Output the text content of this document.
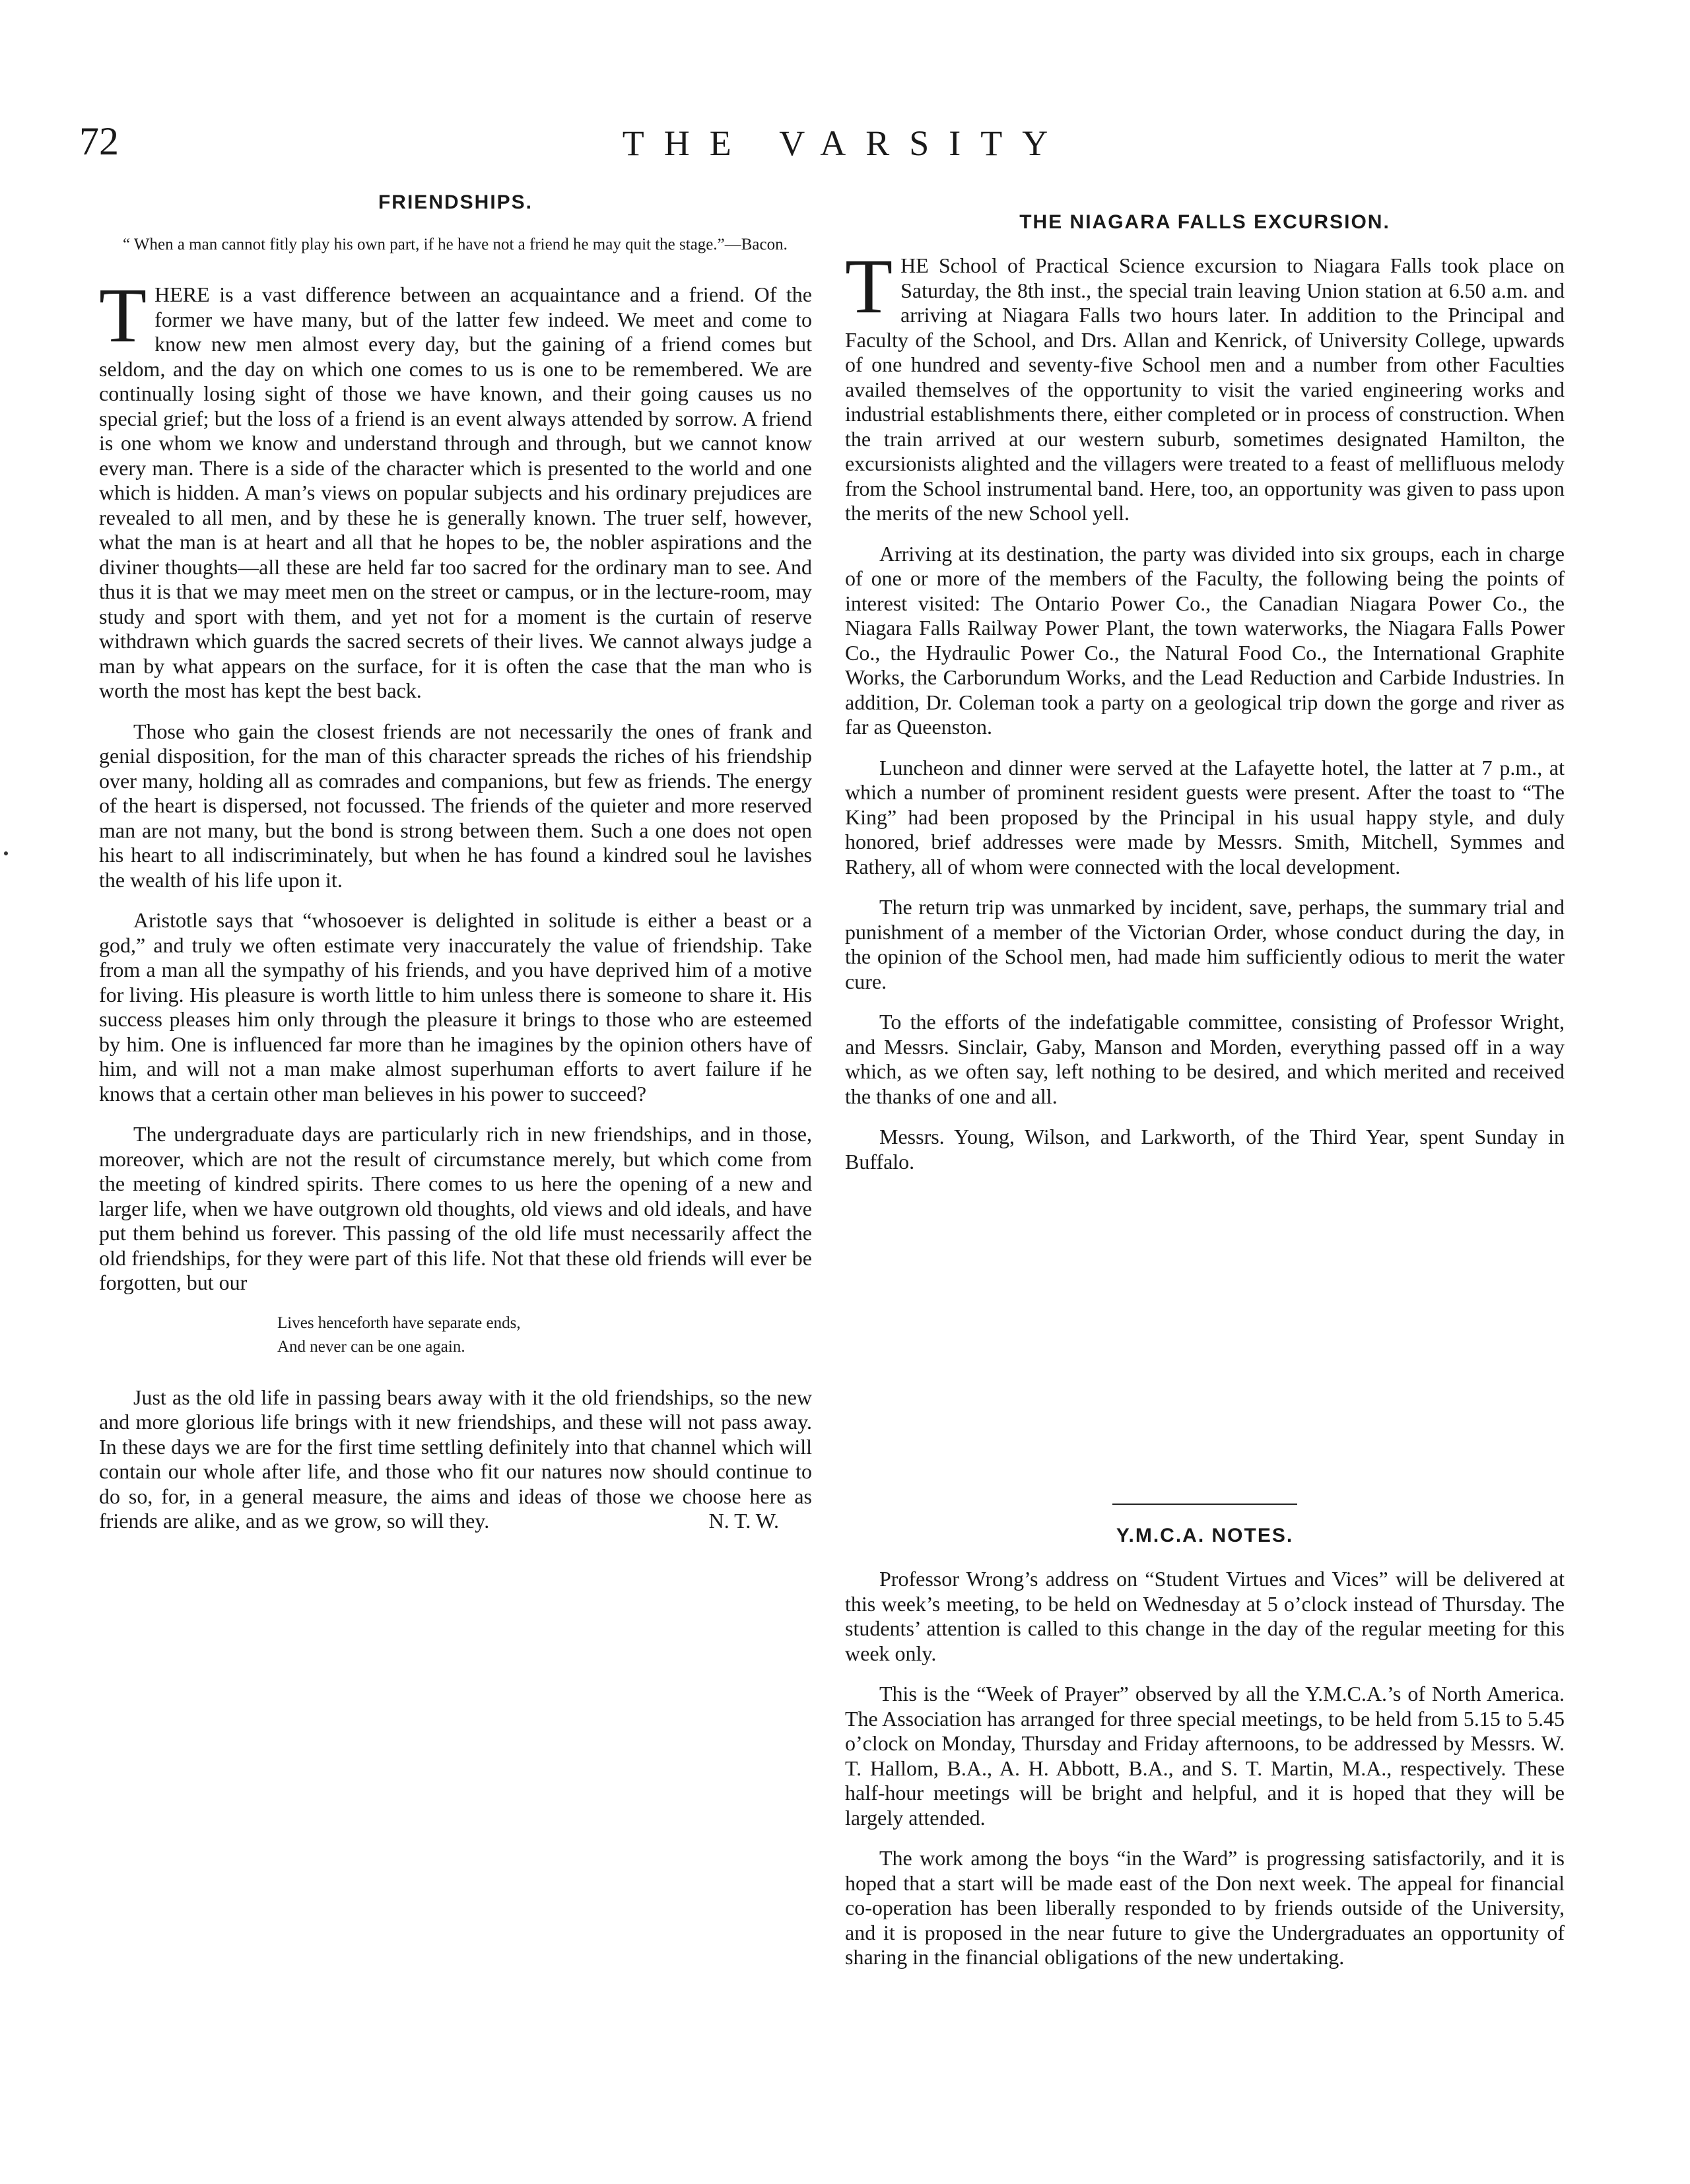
72	THE VARSITY
FRIENDSHIPS.
“ When a man cannot fitly play his own part, if he have not a friend he may quit the stage.”—Bacon.

THERE is a vast difference between an acquaintance and a friend. Of the former we have many, but of the latter few indeed. We meet and come to know new men almost every day, but the gaining of a friend comes but seldom, and the day on which one comes to us is one to be remembered. We are continually losing sight of those we have known, and their going causes us no special grief; but the loss of a friend is an event always attended by sorrow. A friend is one whom we know and understand through and through, but we cannot know every man. There is a side of the character which is presented to the world and one which is hidden. A man’s views on popular subjects and his ordinary prejudices are revealed to all men, and by these he is generally known. The truer self, however, what the man is at heart and all that he hopes to be, the nobler aspirations and the diviner thoughts—all these are held far too sacred for the ordinary man to see. And thus it is that we may meet men on the street or campus, or in the lecture-room, may study and sport with them, and yet not for a moment is the curtain of reserve withdrawn which guards the sacred secrets of their lives. We cannot always judge a man by what appears on the surface, for it is often the case that the man who is worth the most has kept the best back.

Those who gain the closest friends are not necessarily the ones of frank and genial disposition, for the man of this character spreads the riches of his friendship over many, holding all as comrades and companions, but few as friends. The energy of the heart is dispersed, not focussed. The friends of the quieter and more reserved man are not many, but the bond is strong between them. Such a one does not open his heart to all indiscriminately, but when he has found a kindred soul he lavishes the wealth of his life upon it.

Aristotle says that “whosoever is delighted in solitude is either a beast or a god,” and truly we often estimate very inaccurately the value of friendship. Take from a man all the sympathy of his friends, and you have deprived him of a motive for living. His pleasure is worth little to him unless there is someone to share it. His success pleases him only through the pleasure it brings to those who are esteemed by him. One is influenced far more than he imagines by the opinion others have of him, and will not a man make almost superhuman efforts to avert failure if he knows that a certain other man believes in his power to succeed?

The undergraduate days are particularly rich in new friendships, and in those, moreover, which are not the result of circumstance merely, but which come from the meeting of kindred spirits. There comes to us here the opening of a new and larger life, when we have outgrown old thoughts, old views and old ideals, and have put them behind us forever. This passing of the old life must necessarily affect the old friendships, for they were part of this life. Not that these old friends will ever be forgotten, but our

Lives henceforth have separate ends,
And never can be one again.

Just as the old life in passing bears away with it the old friendships, so the new and more glorious life brings with it new friendships, and these will not pass away. In these days we are for the first time settling definitely into that channel which will contain our whole after life, and those who fit our natures now should continue to do so, for, in a general measure, the aims and ideas of those we choose here as friends are alike, and as we grow, so will they.	N. T. W.

THE NIAGARA FALLS EXCURSION.

THE School of Practical Science excursion to Niagara Falls took place on Saturday, the 8th inst., the special train leaving Union station at 6.50 a.m. and arriving at Niagara Falls two hours later. In addition to the Principal and Faculty of the School, and Drs. Allan and Kenrick, of University College, upwards of one hundred and seventy-five School men and a number from other Faculties availed themselves of the opportunity to visit the varied engineering works and industrial establishments there, either completed or in process of construction. When the train arrived at our western suburb, sometimes designated Hamilton, the excursionists alighted and the villagers were treated to a feast of mellifluous melody from the School instrumental band. Here, too, an opportunity was given to pass upon the merits of the new School yell.

Arriving at its destination, the party was divided into six groups, each in charge of one or more of the members of the Faculty, the following being the points of interest visited: The Ontario Power Co., the Canadian Niagara Power Co., the Niagara Falls Railway Power Plant, the town waterworks, the Niagara Falls Power Co., the Hydraulic Power Co., the Natural Food Co., the International Graphite Works, the Carborundum Works, and the Lead Reduction and Carbide Industries. In addition, Dr. Coleman took a party on a geological trip down the gorge and river as far as Queenston.

Luncheon and dinner were served at the Lafayette hotel, the latter at 7 p.m., at which a number of prominent resident guests were present. After the toast to “The King” had been proposed by the Principal in his usual happy style, and duly honored, brief addresses were made by Messrs. Smith, Mitchell, Symmes and Rathery, all of whom were connected with the local development.

The return trip was unmarked by incident, save, perhaps, the summary trial and punishment of a member of the Victorian Order, whose conduct during the day, in the opinion of the School men, had made him sufficiently odious to merit the water cure.

To the efforts of the indefatigable committee, consisting of Professor Wright, and Messrs. Sinclair, Gaby, Manson and Morden, everything passed off in a way which, as we often say, left nothing to be desired, and which merited and received the thanks of one and all.

Messrs. Young, Wilson, and Larkworth, of the Third Year, spent Sunday in Buffalo.

Y.M.C.A. NOTES.

Professor Wrong’s address on “Student Virtues and Vices” will be delivered at this week’s meeting, to be held on Wednesday at 5 o’clock instead of Thursday. The students’ attention is called to this change in the day of the regular meeting for this week only.

This is the “Week of Prayer” observed by all the Y.M.C.A.’s of North America. The Association has arranged for three special meetings, to be held from 5.15 to 5.45 o’clock on Monday, Thursday and Friday afternoons, to be addressed by Messrs. W. T. Hallom, B.A., A. H. Abbott, B.A., and S. T. Martin, M.A., respectively. These half-hour meetings will be bright and helpful, and it is hoped that they will be largely attended.

The work among the boys “in the Ward” is progressing satisfactorily, and it is hoped that a start will be made east of the Don next week. The appeal for financial co-operation has been liberally responded to by friends outside of the University, and it is proposed in the near future to give the Undergraduates an opportunity of sharing in the financial obligations of the new undertaking.
